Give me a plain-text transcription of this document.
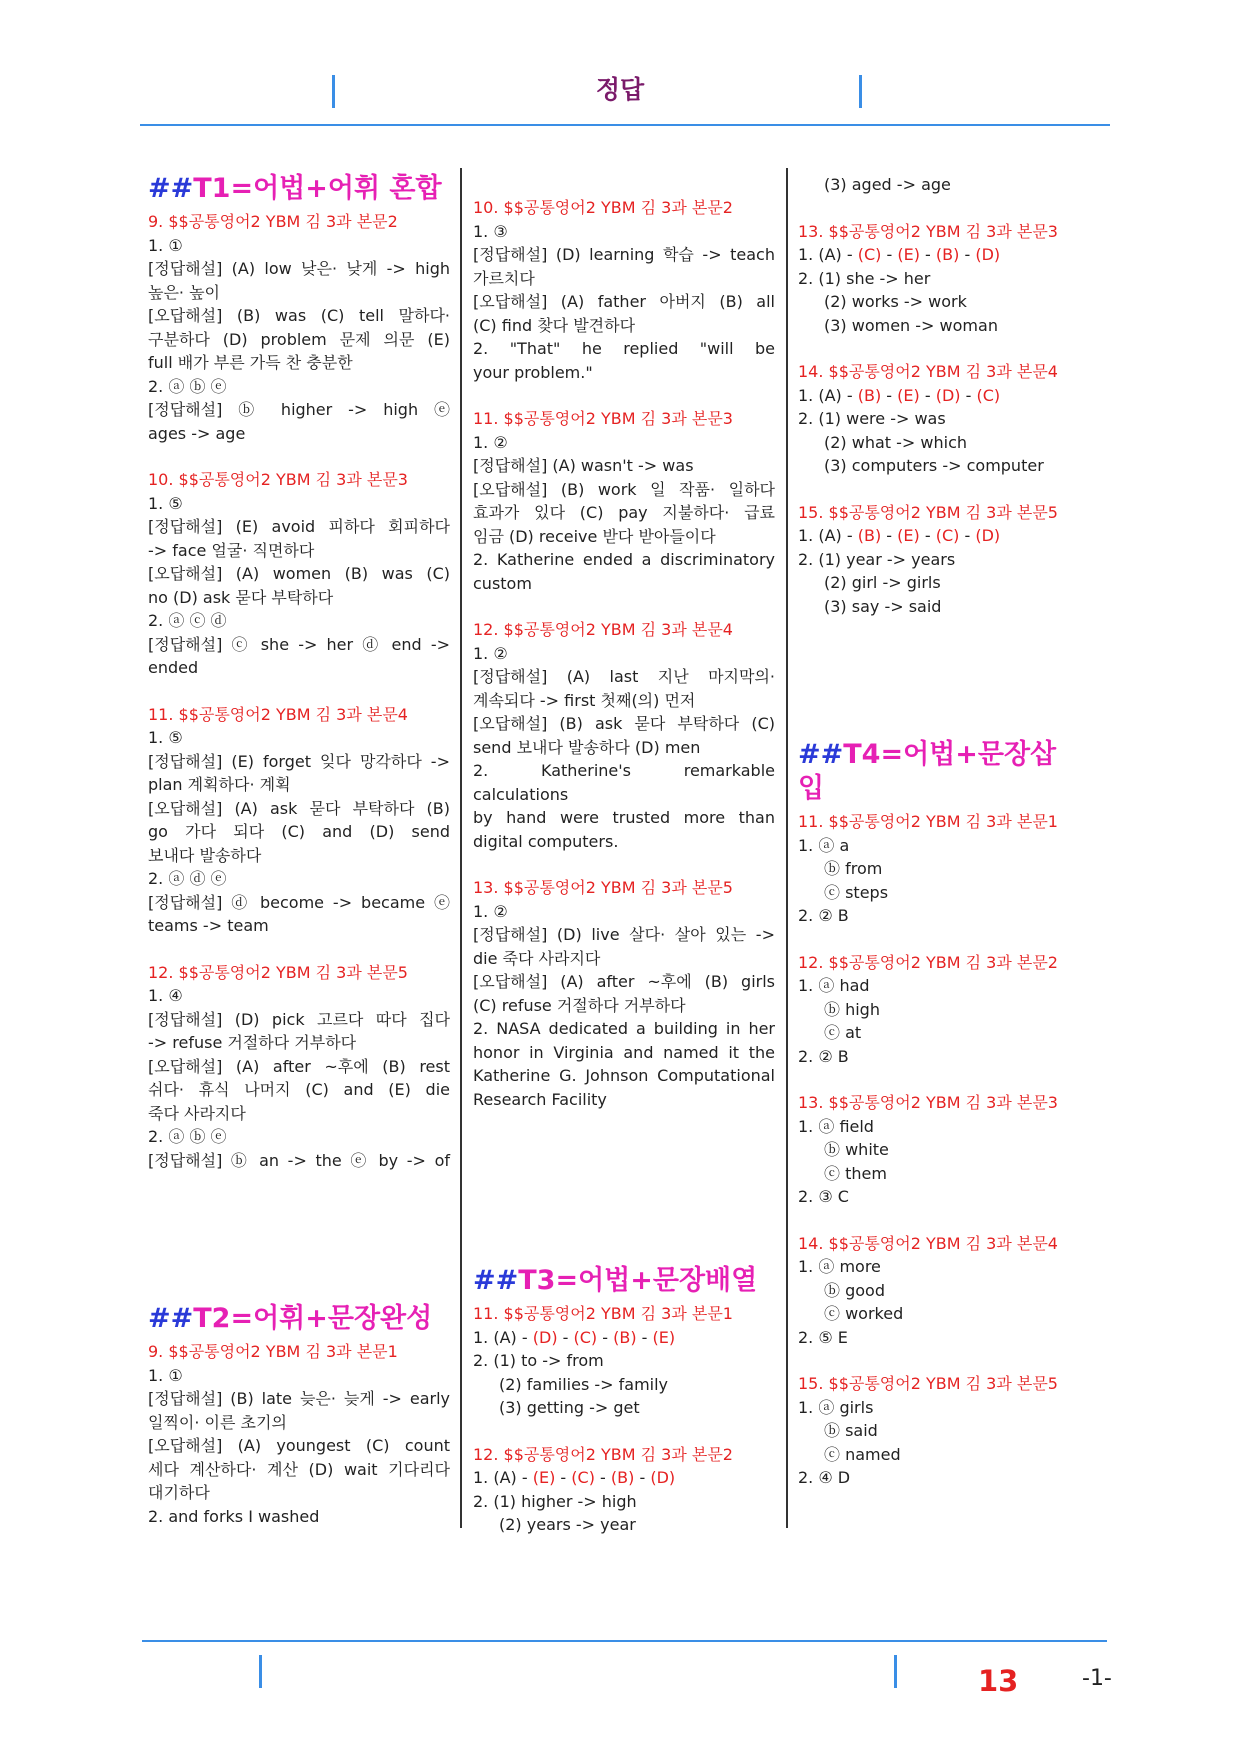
정답
##T1=어법+어휘 혼합
9. $$공통영어2 YBM 김 3과 본문2
1. ①
[정답해설] (A) low 낮은· 낮게 -> high
높은· 높이
[오답해설] (B) was (C) tell 말하다·
구분하다 (D) problem 문제 의문 (E)
full 배가 부른 가득 찬 충분한
2. ⓐ ⓑ ⓔ
[정답해설] ⓑ higher -> high ⓔ
ages -> age
10. $$공통영어2 YBM 김 3과 본문3
1. ⑤
[정답해설] (E) avoid 피하다 회피하다
-> face 얼굴· 직면하다
[오답해설] (A) women (B) was (C)
no (D) ask 묻다 부탁하다
2. ⓐ ⓒ ⓓ
[정답해설] ⓒ she -> her ⓓ end ->
ended
11. $$공통영어2 YBM 김 3과 본문4
1. ⑤
[정답해설] (E) forget 잊다 망각하다 ->
plan 계획하다· 계획
[오답해설] (A) ask 묻다 부탁하다 (B)
go 가다 되다 (C) and (D) send
보내다 발송하다
2. ⓐ ⓓ ⓔ
[정답해설] ⓓ become -> became ⓔ
teams -> team
12. $$공통영어2 YBM 김 3과 본문5
1. ④
[정답해설] (D) pick 고르다 따다 집다
-> refuse 거절하다 거부하다
[오답해설] (A) after ~후에 (B) rest
쉬다· 휴식 나머지 (C) and (E) die
죽다 사라지다
2. ⓐ ⓑ ⓔ
[정답해설] ⓑ an -> the ⓔ by -> of
##T2=어휘+문장완성
9. $$공통영어2 YBM 김 3과 본문1
1. ①
[정답해설] (B) late 늦은· 늦게 -> early
일찍이· 이른 초기의
[오답해설] (A) youngest (C) count
세다 계산하다· 계산 (D) wait 기다리다
대기하다
2. and forks I washed
10. $$공통영어2 YBM 김 3과 본문2
1. ③
[정답해설] (D) learning 학습 -> teach
가르치다
[오답해설] (A) father 아버지 (B) all
(C) find 찾다 발견하다
2. "That" he replied "will be
your problem."
11. $$공통영어2 YBM 김 3과 본문3
1. ②
[정답해설] (A) wasn't -> was
[오답해설] (B) work 일 작품· 일하다
효과가 있다 (C) pay 지불하다· 급료
임금 (D) receive 받다 받아들이다
2. Katherine ended a discriminatory
custom
12. $$공통영어2 YBM 김 3과 본문4
1. ②
[정답해설] (A) last 지난 마지막의·
계속되다 -> first 첫째(의) 먼저
[오답해설] (B) ask 묻다 부탁하다 (C)
send 보내다 발송하다 (D) men
2. Katherine's remarkable calculations
by hand were trusted more than
digital computers.
13. $$공통영어2 YBM 김 3과 본문5
1. ②
[정답해설] (D) live 살다· 살아 있는 ->
die 죽다 사라지다
[오답해설] (A) after ~후에 (B) girls
(C) refuse 거절하다 거부하다
2. NASA dedicated a building in her
honor in Virginia and named it the
Katherine G. Johnson Computational
Research Facility
##T3=어법+문장배열
11. $$공통영어2 YBM 김 3과 본문1
1. (A) - (D) - (C) - (B) - (E)
2. (1) to -> from
(2) families -> family
(3) getting -> get
12. $$공통영어2 YBM 김 3과 본문2
1. (A) - (E) - (C) - (B) - (D)
2. (1) higher -> high
(2) years -> year
(3) aged -> age
13. $$공통영어2 YBM 김 3과 본문3
1. (A) - (C) - (E) - (B) - (D)
2. (1) she -> her
(2) works -> work
(3) women -> woman
14. $$공통영어2 YBM 김 3과 본문4
1. (A) - (B) - (E) - (D) - (C)
2. (1) were -> was
(2) what -> which
(3) computers -> computer
15. $$공통영어2 YBM 김 3과 본문5
1. (A) - (B) - (E) - (C) - (D)
2. (1) year -> years
(2) girl -> girls
(3) say -> said
##T4=어법+문장삽입
11. $$공통영어2 YBM 김 3과 본문1
1. ⓐ a
ⓑ from
ⓒ steps
2. ② B
12. $$공통영어2 YBM 김 3과 본문2
1. ⓐ had
ⓑ high
ⓒ at
2. ② B
13. $$공통영어2 YBM 김 3과 본문3
1. ⓐ field
ⓑ white
ⓒ them
2. ③ C
14. $$공통영어2 YBM 김 3과 본문4
1. ⓐ more
ⓑ good
ⓒ worked
2. ⑤ E
15. $$공통영어2 YBM 김 3과 본문5
1. ⓐ girls
ⓑ said
ⓒ named
2. ④ D
13	-1-
